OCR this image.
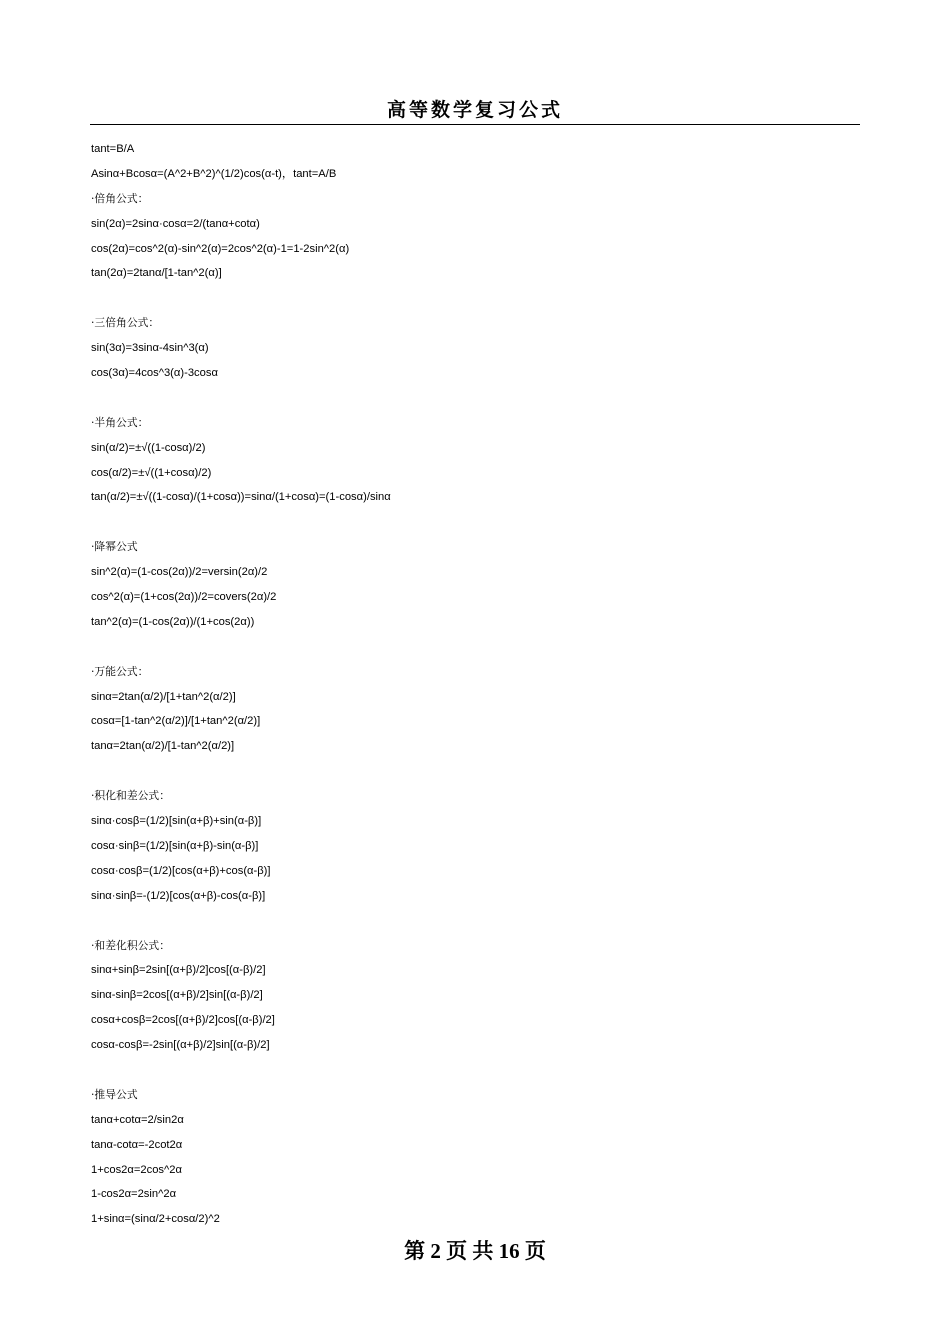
高等数学复习公式
tant=B/A
Asinα+Bcosα=(A^2+B^2)^(1/2)cos(α-t)，tant=A/B
·倍角公式：
sin(2α)=2sinα·cosα=2/(tanα+cotα)
cos(2α)=cos^2(α)-sin^2(α)=2cos^2(α)-1=1-2sin^2(α)
tan(2α)=2tanα/[1-tan^2(α)]
·三倍角公式：
sin(3α)=3sinα-4sin^3(α)
cos(3α)=4cos^3(α)-3cosα
·半角公式：
sin(α/2)=±√((1-cosα)/2)
cos(α/2)=±√((1+cosα)/2)
tan(α/2)=±√((1-cosα)/(1+cosα))=sinα/(1+cosα)=(1-cosα)/sinα
·降幂公式
sin^2(α)=(1-cos(2α))/2=versin(2α)/2
cos^2(α)=(1+cos(2α))/2=covers(2α)/2
tan^2(α)=(1-cos(2α))/(1+cos(2α))
·万能公式：
sinα=2tan(α/2)/[1+tan^2(α/2)]
cosα=[1-tan^2(α/2)]/[1+tan^2(α/2)]
tanα=2tan(α/2)/[1-tan^2(α/2)]
·积化和差公式：
sinα·cosβ=(1/2)[sin(α+β)+sin(α-β)]
cosα·sinβ=(1/2)[sin(α+β)-sin(α-β)]
cosα·cosβ=(1/2)[cos(α+β)+cos(α-β)]
sinα·sinβ=-(1/2)[cos(α+β)-cos(α-β)]
·和差化积公式：
sinα+sinβ=2sin[(α+β)/2]cos[(α-β)/2]
sinα-sinβ=2cos[(α+β)/2]sin[(α-β)/2]
cosα+cosβ=2cos[(α+β)/2]cos[(α-β)/2]
cosα-cosβ=-2sin[(α+β)/2]sin[(α-β)/2]
·推导公式
tanα+cotα=2/sin2α
tanα-cotα=-2cot2α
1+cos2α=2cos^2α
1-cos2α=2sin^2α
1+sinα=(sinα/2+cosα/2)^2
第 2 页 共 16 页
